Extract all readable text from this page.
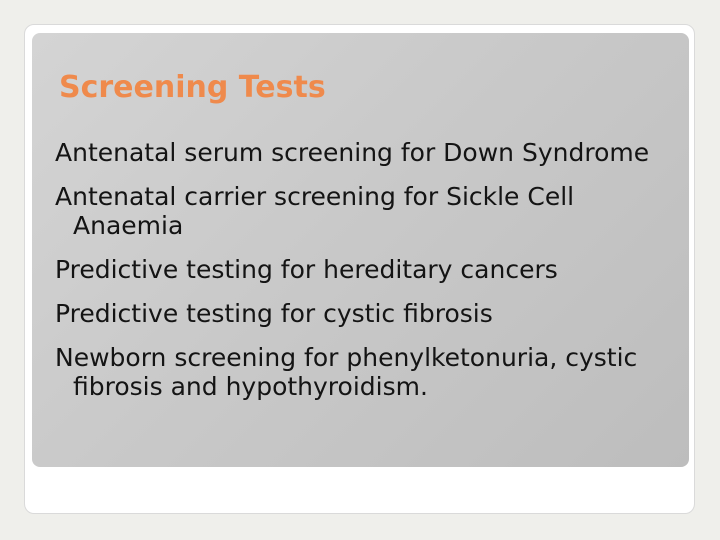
Screening Tests
Antenatal serum screening for Down Syndrome
Antenatal carrier screening for Sickle Cell Anaemia
Predictive testing for hereditary cancers
Predictive testing for cystic fibrosis
Newborn screening for phenylketonuria, cystic fibrosis and hypothyroidism.
